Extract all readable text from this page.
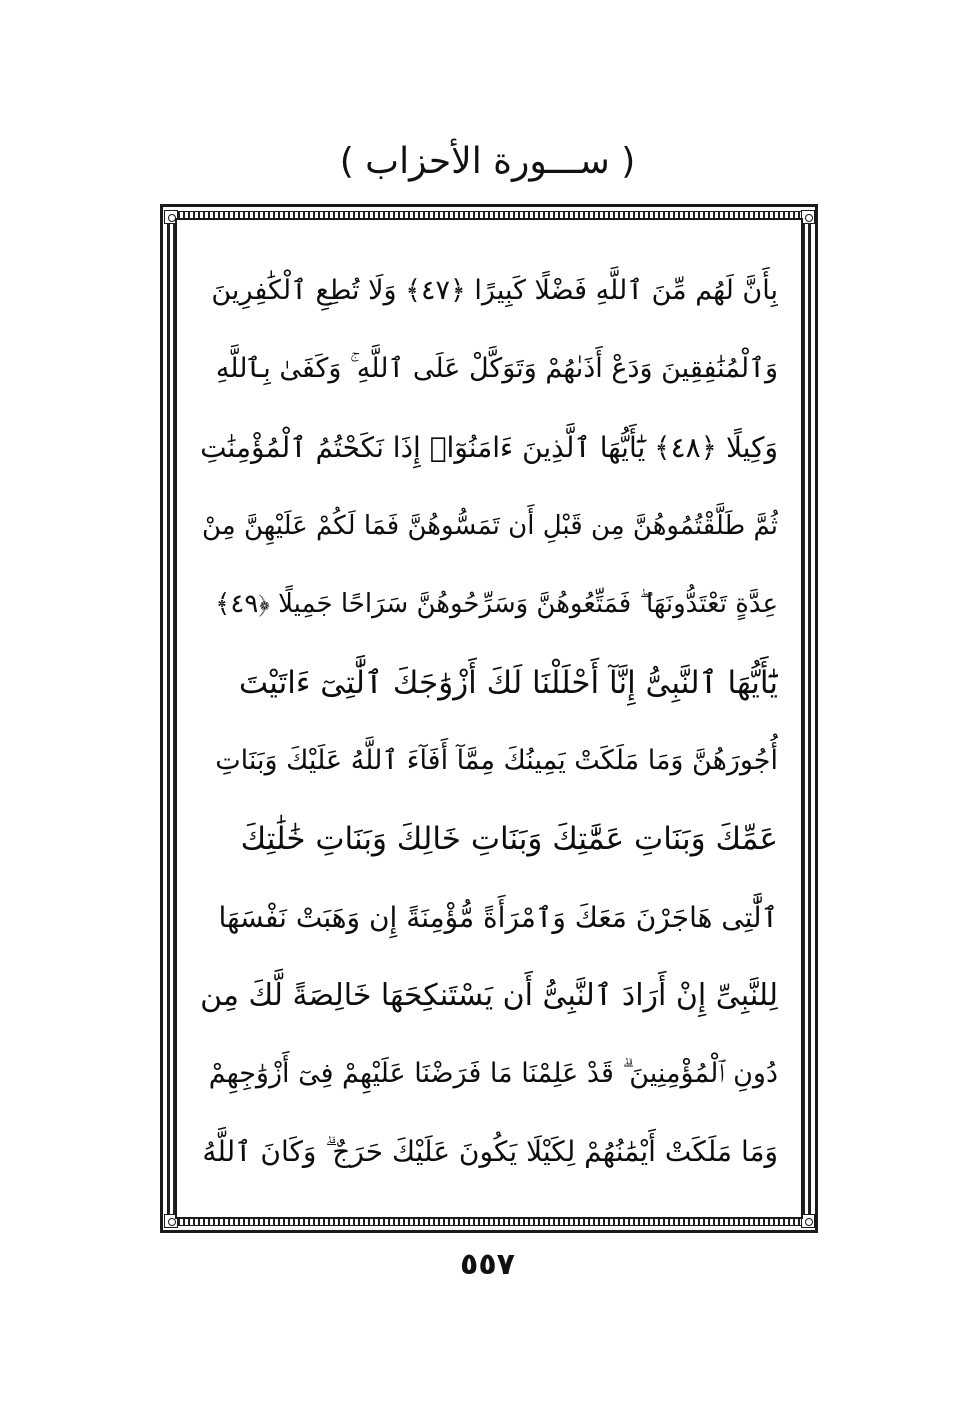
( ســـورة الأحزاب )
بِأَنَّ لَهُم مِّنَ ٱللَّهِ فَضْلًا كَبِيرًا ﴿٤٧﴾ وَلَا تُطِعِ ٱلْكَٰفِرِينَ
وَٱلْمُنَٰفِقِينَ وَدَعْ أَذَىٰهُمْ وَتَوَكَّلْ عَلَى ٱللَّهِ ۚ وَكَفَىٰ بِٱللَّهِ
وَكِيلًا ﴿٤٨﴾ يَٰٓأَيُّهَا ٱلَّذِينَ ءَامَنُوٓا۟ إِذَا نَكَحْتُمُ ٱلْمُؤْمِنَٰتِ
ثُمَّ طَلَّقْتُمُوهُنَّ مِن قَبْلِ أَن تَمَسُّوهُنَّ فَمَا لَكُمْ عَلَيْهِنَّ مِنْ
عِدَّةٍ تَعْتَدُّونَهَا ۖ فَمَتِّعُوهُنَّ وَسَرِّحُوهُنَّ سَرَاحًا جَمِيلًا ﴿٤٩﴾
يَٰٓأَيُّهَا ٱلنَّبِىُّ إِنَّآ أَحْلَلْنَا لَكَ أَزْوَٰجَكَ ٱلَّٰتِىٓ ءَاتَيْتَ
أُجُورَهُنَّ وَمَا مَلَكَتْ يَمِينُكَ مِمَّآ أَفَآءَ ٱللَّهُ عَلَيْكَ وَبَنَاتِ
عَمِّكَ وَبَنَاتِ عَمَّٰتِكَ وَبَنَاتِ خَالِكَ وَبَنَاتِ خَٰلَٰتِكَ
ٱلَّٰتِى هَاجَرْنَ مَعَكَ وَٱمْرَأَةً مُّؤْمِنَةً إِن وَهَبَتْ نَفْسَهَا
لِلنَّبِىِّ إِنْ أَرَادَ ٱلنَّبِىُّ أَن يَسْتَنكِحَهَا خَالِصَةً لَّكَ مِن
دُونِ ٱلْمُؤْمِنِينَ ۗ قَدْ عَلِمْنَا مَا فَرَضْنَا عَلَيْهِمْ فِىٓ أَزْوَٰجِهِمْ
وَمَا مَلَكَتْ أَيْمَٰنُهُمْ لِكَيْلَا يَكُونَ عَلَيْكَ حَرَجٌ ۗ وَكَانَ ٱللَّهُ
٥٥٧
